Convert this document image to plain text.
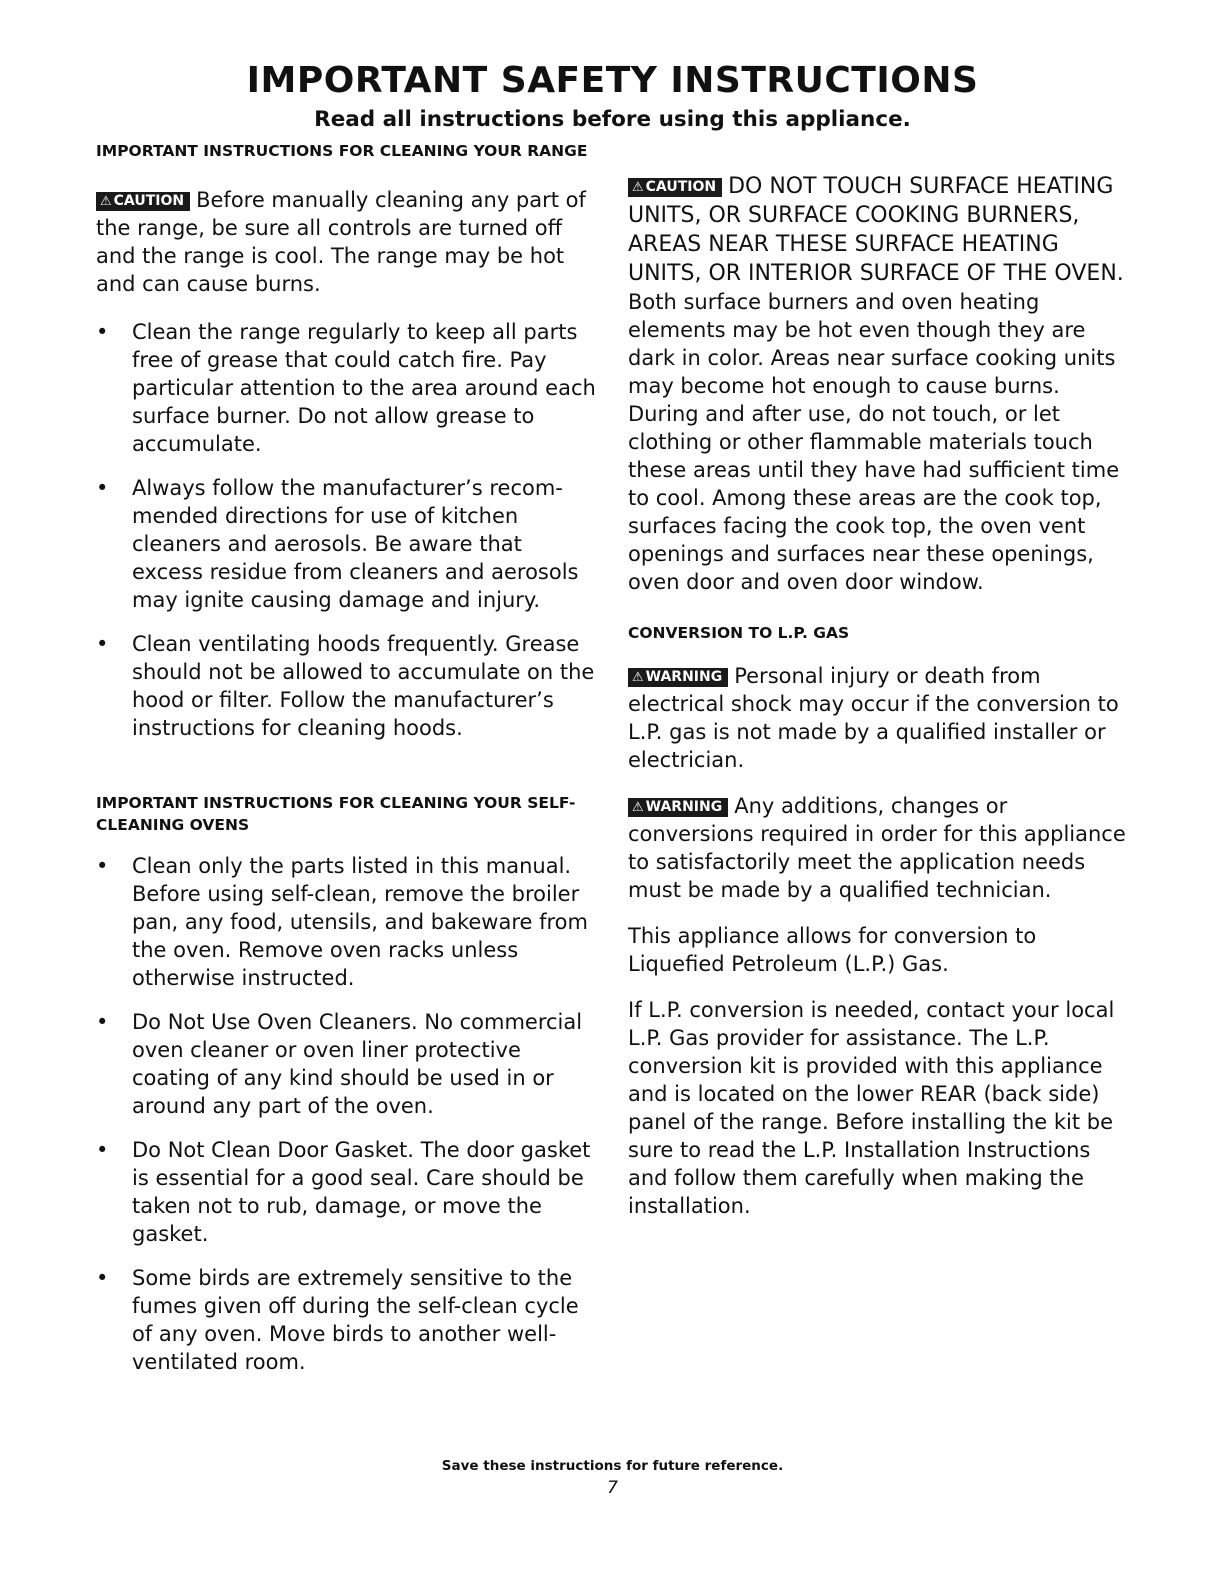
IMPORTANT SAFETY INSTRUCTIONS
Read all instructions before using this appliance.
IMPORTANT INSTRUCTIONS FOR CLEANING YOUR RANGE

⚠ CAUTION Before manually cleaning any part of the range, be sure all controls are turned off and the range is cool. The range may be hot and can cause burns.

• Clean the range regularly to keep all parts free of grease that could catch fire. Pay particular attention to the area around each surface burner. Do not allow grease to accumulate.
• Always follow the manufacturer’s recommended directions for use of kitchen cleaners and aerosols. Be aware that excess residue from cleaners and aerosols may ignite causing damage and injury.
• Clean ventilating hoods frequently. Grease should not be allowed to accumulate on the hood or filter. Follow the manufacturer’s instructions for cleaning hoods.
IMPORTANT INSTRUCTIONS FOR CLEANING YOUR SELF-CLEANING OVENS
• Clean only the parts listed in this manual. Before using self-clean, remove the broiler pan, any food, utensils, and bakeware from the oven. Remove oven racks unless otherwise instructed.
• Do Not Use Oven Cleaners. No commercial oven cleaner or oven liner protective coating of any kind should be used in or around any part of the oven.
• Do Not Clean Door Gasket. The door gasket is essential for a good seal. Care should be taken not to rub, damage, or move the gasket.
• Some birds are extremely sensitive to the fumes given off during the self-clean cycle of any oven. Move birds to another well-ventilated room.

⚠ CAUTION DO NOT TOUCH SURFACE HEATING UNITS, OR SURFACE COOKING BURNERS, AREAS NEAR THESE SURFACE HEATING UNITS, OR INTERIOR SURFACE OF THE OVEN. Both surface burners and oven heating elements may be hot even though they are dark in color. Areas near surface cooking units may become hot enough to cause burns. During and after use, do not touch, or let clothing or other flammable materials touch these areas until they have had sufficient time to cool. Among these areas are the cook top, surfaces facing the cook top, the oven vent openings and surfaces near these openings, oven door and oven door window.

CONVERSION TO L.P. GAS

⚠ WARNING Personal injury or death from electrical shock may occur if the conversion to L.P. gas is not made by a qualified installer or electrician.

⚠ WARNING Any additions, changes or conversions required in order for this appliance to satisfactorily meet the application needs must be made by a qualified technician.

This appliance allows for conversion to Liquefied Petroleum (L.P.) Gas.

If L.P. conversion is needed, contact your local L.P. Gas provider for assistance. The L.P. conversion kit is provided with this appliance and is located on the lower REAR (back side) panel of the range. Before installing the kit be sure to read the L.P. Installation Instructions and follow them carefully when making the installation.

Save these instructions for future reference.

7
